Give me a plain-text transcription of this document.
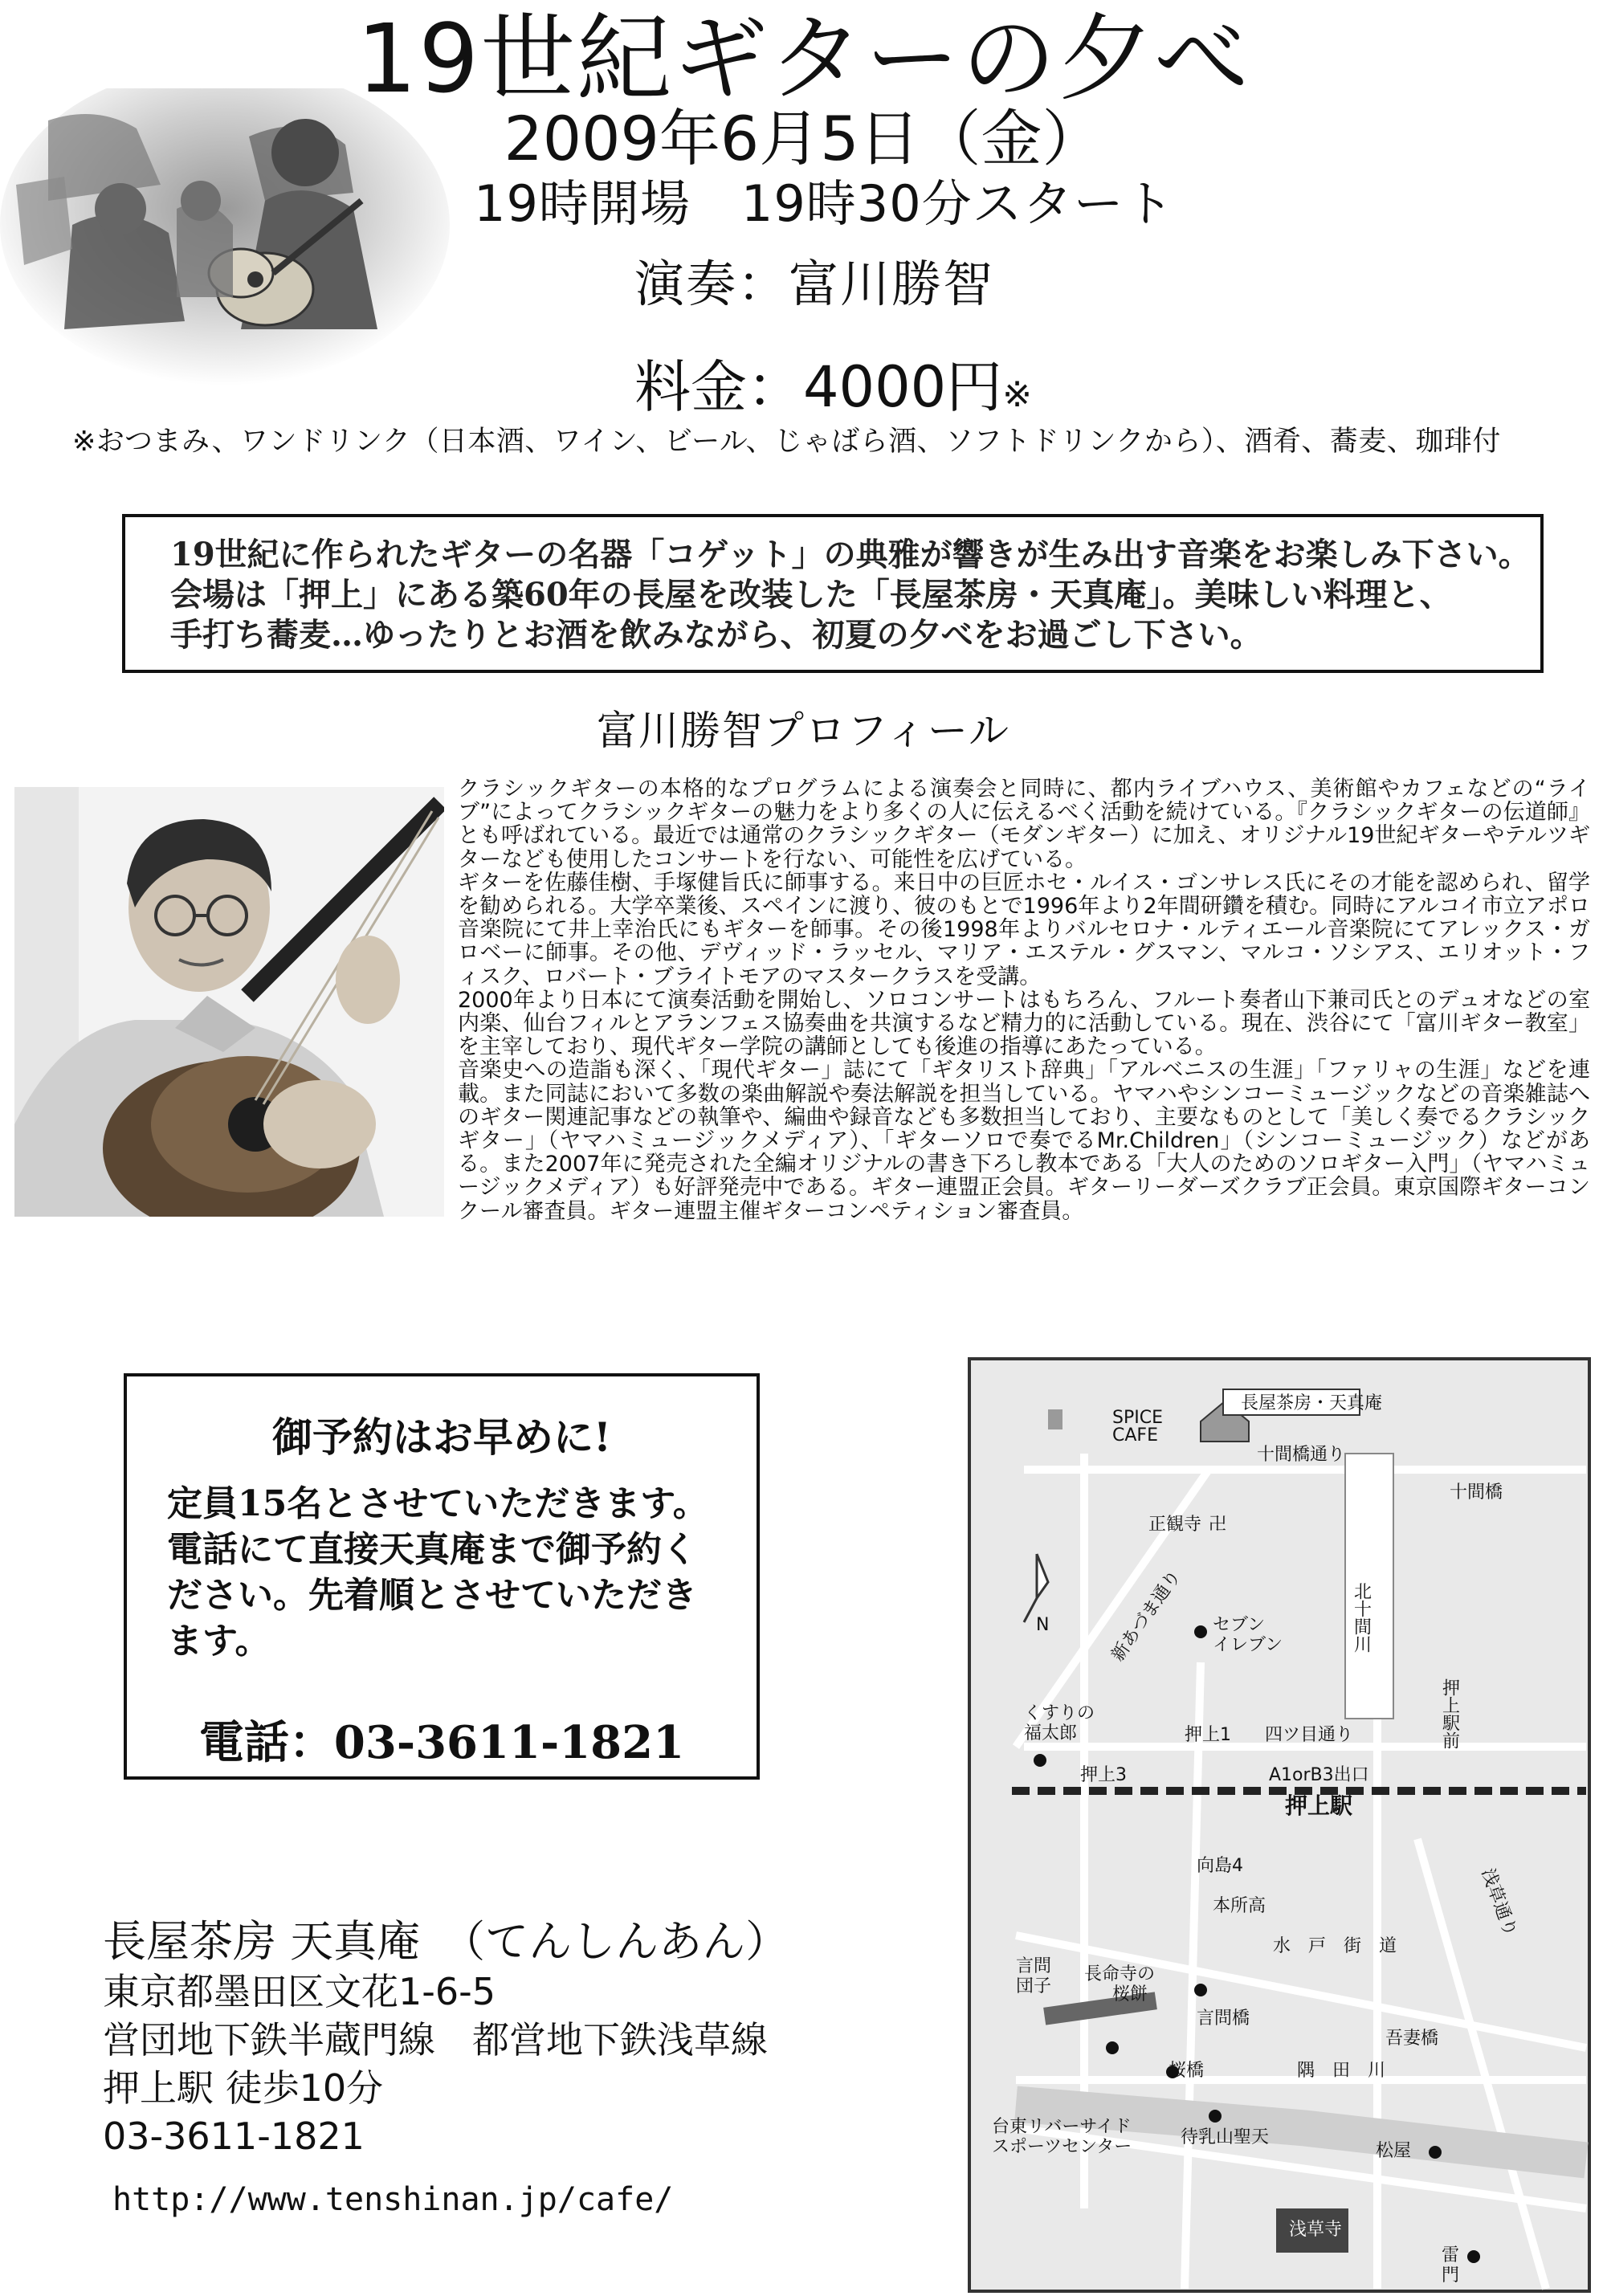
19世紀ギターの夕べ
2009年6月5日（金）
19時開場　19時30分スタート
演奏：富川勝智
料金：4000円※
※おつまみ、ワンドリンク（日本酒、ワイン、ビール、じゃばら酒、ソフトドリンクから）、酒肴、蕎麦、珈琲付

19世紀に作られたギターの名器「コゲット」の典雅が響きが生み出す音楽をお楽しみ下さい。

会場は「押上」にある築60年の長屋を改装した「長屋茶房・天真庵」。美味しい料理と、

手打ち蕎麦…ゆったりとお酒を飲みながら、初夏の夕べをお過ごし下さい。

富川勝智プロフィール

クラシックギターの本格的なプログラムによる演奏会と同時に、都内ライブハウス、美術館やカフェなどの“ライブ”によってクラシックギターの魅力をより多くの人に伝えるべく活動を続けている。『クラシックギターの伝道師』とも呼ばれている。最近では通常のクラシックギター（モダンギター）に加え、オリジナル19世紀ギターやテルツギターなども使用したコンサートを行ない、可能性を広げている。

ギターを佐藤佳樹、手塚健旨氏に師事する。来日中の巨匠ホセ・ルイス・ゴンサレス氏にその才能を認められ、留学を勧められる。大学卒業後、スペインに渡り、彼のもとで1996年より2年間研鑽を積む。同時にアルコイ市立アポロ音楽院にて井上幸治氏にもギターを師事。その後1998年よりバルセロナ・ルティエール音楽院にてアレックス・ガロベーに師事。その他、デヴィッド・ラッセル、マリア・エステル・グスマン、マルコ・ソシアス、エリオット・フィスク、ロバート・ブライトモアのマスタークラスを受講。

2000年より日本にて演奏活動を開始し、ソロコンサートはもちろん、フルート奏者山下兼司氏とのデュオなどの室内楽、仙台フィルとアランフェス協奏曲を共演するなど精力的に活動している。現在、渋谷にて「富川ギター教室」を主宰しており、現代ギター学院の講師としても後進の指導にあたっている。

音楽史への造詣も深く、「現代ギター」誌にて「ギタリスト辞典」「アルベニスの生涯」「ファリャの生涯」などを連載。また同誌において多数の楽曲解説や奏法解説を担当している。ヤマハやシンコーミュージックなどの音楽雑誌へのギター関連記事などの執筆や、編曲や録音なども多数担当しており、主要なものとして「美しく奏でるクラシックギター」（ヤマハミュージックメディア）、「ギターソロで奏でるMr.Children」（シンコーミュージック）などがある。また2007年に発売された全編オリジナルの書き下ろし教本である「大人のためのソロギター入門」（ヤマハミュージックメディア）も好評発売中である。ギター連盟正会員。ギターリーダーズクラブ正会員。東京国際ギターコンクール審査員。ギター連盟主催ギターコンペティション審査員。

御予約はお早めに!
定員15名とさせていただきます。電話にて直接天真庵まで御予約ください。先着順とさせていただきます。
電話：03-3611-1821
長屋茶房 天真庵　（てんしんあん）
東京都墨田区文花1-6-5
営団地下鉄半蔵門線　都営地下鉄浅草線
押上駅 徒歩10分
03-3611-1821
http://www.tenshinan.jp/cafe/
長屋茶房・天真庵
SPICE
CAFE
十間橋通り
十間橋
正観寺 卍
N	新あづま通り セブン
イレブン	北十間川
押上駅前
くすりの
福太郎	押上1 四ツ目通り
押上3	A1orB3出口
押上駅
向島4
本所高
水　戸　街　道
浅草通り
言問
団子
長命寺の
桜餅
言問橋
桜橋	隅　田　川
吾妻橋
台東リバーサイド
スポーツセンター	待乳山聖天
松屋
浅草寺
雷
門
